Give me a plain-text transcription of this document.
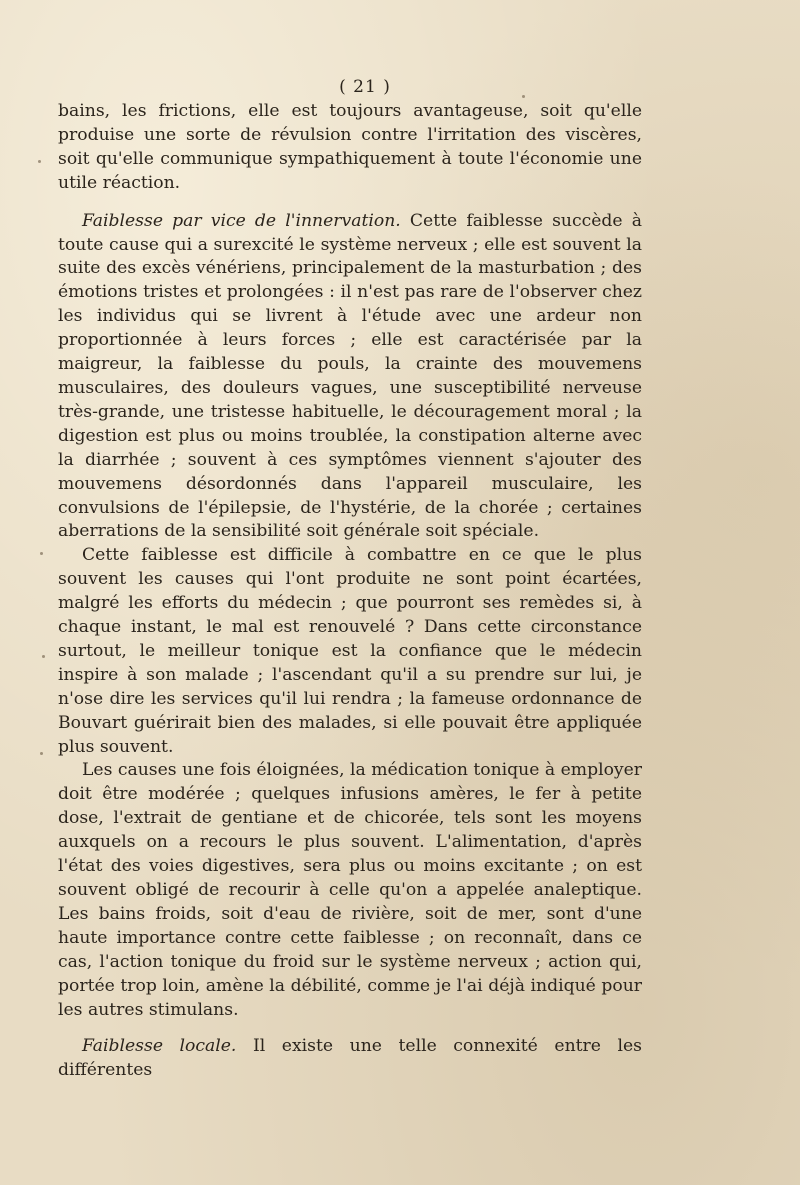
( 21 )

bains, les frictions, elle est toujours avantageuse, soit qu'elle produise une sorte de révulsion contre l'irritation des viscères, soit qu'elle communique sympathiquement à toute l'économie une utile réaction.

Faiblesse par vice de l'innervation. Cette faiblesse succède à toute cause qui a surexcité le système nerveux ; elle est souvent la suite des excès vénériens, principalement de la masturbation ; des émotions tristes et prolongées : il n'est pas rare de l'observer chez les individus qui se livrent à l'étude avec une ardeur non proportionnée à leurs forces ; elle est caractérisée par la maigreur, la faiblesse du pouls, la crainte des mouvemens musculaires, des douleurs vagues, une susceptibilité nerveuse très-grande, une tristesse habituelle, le découragement moral ; la digestion est plus ou moins troublée, la constipation alterne avec la diarrhée ; souvent à ces symptômes viennent s'ajouter des mouvemens désordonnés dans l'appareil musculaire, les convulsions de l'épilepsie, de l'hystérie, de la chorée ; certaines aberrations de la sensibilité soit générale soit spéciale.

Cette faiblesse est difficile à combattre en ce que le plus souvent les causes qui l'ont produite ne sont point écartées, malgré les efforts du médecin ; que pourront ses remèdes si, à chaque instant, le mal est renouvelé ? Dans cette circonstance surtout, le meilleur tonique est la confiance que le médecin inspire à son malade ; l'ascendant qu'il a su prendre sur lui, je n'ose dire les services qu'il lui rendra ; la fameuse ordonnance de Bouvart guérirait bien des malades, si elle pouvait être appliquée plus souvent.

Les causes une fois éloignées, la médication tonique à employer doit être modérée ; quelques infusions amères, le fer à petite dose, l'extrait de gentiane et de chicorée, tels sont les moyens auxquels on a recours le plus souvent. L'alimentation, d'après l'état des voies digestives, sera plus ou moins excitante ; on est souvent obligé de recourir à celle qu'on a appelée analeptique. Les bains froids, soit d'eau de rivière, soit de mer, sont d'une haute importance contre cette faiblesse ; on reconnaît, dans ce cas, l'action tonique du froid sur le système nerveux ; action qui, portée trop loin, amène la débilité, comme je l'ai déjà indiqué pour les autres stimulans.

Faiblesse locale. Il existe une telle connexité entre les différentes
